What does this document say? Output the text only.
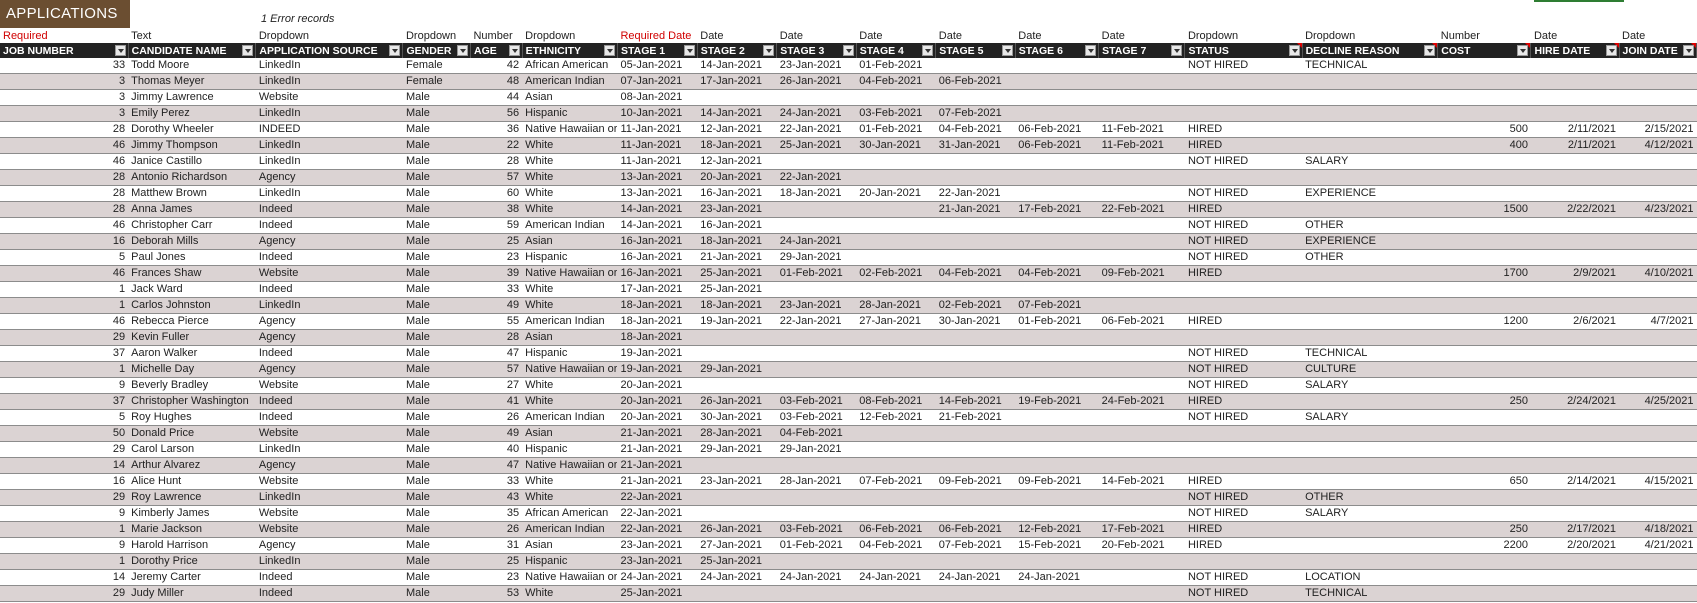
APPLICATIONS	1 Error records
Required	Text	Dropdown	Dropdown	Number	Dropdown	Required Date	Date	Date	Date	Date	Date	Date	Dropdown	Dropdown	Number	Date	Date
JOB NUMBER	CANDIDATE NAME	APPLICATION SOURCE	GENDER	AGE	ETHNICITY	STAGE 1	STAGE 2	STAGE 3	STAGE 4	STAGE 5	STAGE 6	STAGE 7	STATUS	DECLINE REASON	COST	HIRE DATE	JOIN DATE

33	Todd Moore	LinkedIn	Female	42	African American	05-Jan-2021	14-Jan-2021	23-Jan-2021	01-Feb-2021				NOT HIRED	TECHNICAL			
3	Thomas Meyer	LinkedIn	Female	48	American Indian	07-Jan-2021	17-Jan-2021	26-Jan-2021	04-Feb-2021	06-Feb-2021							
3	Jimmy Lawrence	Website	Male	44	Asian	08-Jan-2021											
3	Emily Perez	LinkedIn	Male	56	Hispanic	10-Jan-2021	14-Jan-2021	24-Jan-2021	03-Feb-2021	07-Feb-2021							
28	Dorothy Wheeler	INDEED	Male	36	Native Hawaiian or	11-Jan-2021	12-Jan-2021	22-Jan-2021	01-Feb-2021	04-Feb-2021	06-Feb-2021	11-Feb-2021	HIRED		500	2/11/2021	2/15/2021
46	Jimmy Thompson	LinkedIn	Male	22	White	11-Jan-2021	18-Jan-2021	25-Jan-2021	30-Jan-2021	31-Jan-2021	06-Feb-2021	11-Feb-2021	HIRED		400	2/11/2021	4/12/2021
46	Janice Castillo	LinkedIn	Male	28	White	11-Jan-2021	12-Jan-2021						NOT HIRED	SALARY			
28	Antonio Richardson	Agency	Male	57	White	13-Jan-2021	20-Jan-2021	22-Jan-2021									
28	Matthew Brown	LinkedIn	Male	60	White	13-Jan-2021	16-Jan-2021	18-Jan-2021	20-Jan-2021	22-Jan-2021			NOT HIRED	EXPERIENCE			
28	Anna James	Indeed	Male	38	White	14-Jan-2021	23-Jan-2021			21-Jan-2021	17-Feb-2021	22-Feb-2021	HIRED		1500	2/22/2021	4/23/2021
46	Christopher Carr	Indeed	Male	59	American Indian	14-Jan-2021	16-Jan-2021						NOT HIRED	OTHER			
16	Deborah Mills	Agency	Male	25	Asian	16-Jan-2021	18-Jan-2021	24-Jan-2021					NOT HIRED	EXPERIENCE			
5	Paul Jones	Indeed	Male	23	Hispanic	16-Jan-2021	21-Jan-2021	29-Jan-2021					NOT HIRED	OTHER			
46	Frances Shaw	Website	Male	39	Native Hawaiian or	16-Jan-2021	25-Jan-2021	01-Feb-2021	02-Feb-2021	04-Feb-2021	04-Feb-2021	09-Feb-2021	HIRED		1700	2/9/2021	4/10/2021
1	Jack Ward	Indeed	Male	33	White	17-Jan-2021	25-Jan-2021										
1	Carlos Johnston	LinkedIn	Male	49	White	18-Jan-2021	18-Jan-2021	23-Jan-2021	28-Jan-2021	02-Feb-2021	07-Feb-2021						
46	Rebecca Pierce	Agency	Male	55	American Indian	18-Jan-2021	19-Jan-2021	22-Jan-2021	27-Jan-2021	30-Jan-2021	01-Feb-2021	06-Feb-2021	HIRED		1200	2/6/2021	4/7/2021
29	Kevin Fuller	Agency	Male	28	Asian	18-Jan-2021											
37	Aaron Walker	Indeed	Male	47	Hispanic	19-Jan-2021							NOT HIRED	TECHNICAL			
1	Michelle Day	Agency	Male	57	Native Hawaiian or	19-Jan-2021	29-Jan-2021						NOT HIRED	CULTURE			
9	Beverly Bradley	Website	Male	27	White	20-Jan-2021							NOT HIRED	SALARY			
37	Christopher Washington	Indeed	Male	41	White	20-Jan-2021	26-Jan-2021	03-Feb-2021	08-Feb-2021	14-Feb-2021	19-Feb-2021	24-Feb-2021	HIRED		250	2/24/2021	4/25/2021
5	Roy Hughes	Indeed	Male	26	American Indian	20-Jan-2021	30-Jan-2021	03-Feb-2021	12-Feb-2021	21-Feb-2021			NOT HIRED	SALARY			
50	Donald Price	Website	Male	49	Asian	21-Jan-2021	28-Jan-2021	04-Feb-2021									
29	Carol Larson	LinkedIn	Male	40	Hispanic	21-Jan-2021	29-Jan-2021	29-Jan-2021									
14	Arthur Alvarez	Agency	Male	47	Native Hawaiian or	21-Jan-2021											
16	Alice Hunt	Website	Male	33	White	21-Jan-2021	23-Jan-2021	28-Jan-2021	07-Feb-2021	09-Feb-2021	09-Feb-2021	14-Feb-2021	HIRED		650	2/14/2021	4/15/2021
29	Roy Lawrence	LinkedIn	Male	43	White	22-Jan-2021							NOT HIRED	OTHER			
9	Kimberly James	Website	Male	35	African American	22-Jan-2021							NOT HIRED	SALARY			
1	Marie Jackson	Website	Male	26	American Indian	22-Jan-2021	26-Jan-2021	03-Feb-2021	06-Feb-2021	06-Feb-2021	12-Feb-2021	17-Feb-2021	HIRED		250	2/17/2021	4/18/2021
9	Harold Harrison	Agency	Male	31	Asian	23-Jan-2021	27-Jan-2021	01-Feb-2021	04-Feb-2021	07-Feb-2021	15-Feb-2021	20-Feb-2021	HIRED		2200	2/20/2021	4/21/2021
1	Dorothy Price	LinkedIn	Male	25	Hispanic	23-Jan-2021	25-Jan-2021										
14	Jeremy Carter	Indeed	Male	23	Native Hawaiian or	24-Jan-2021	24-Jan-2021	24-Jan-2021	24-Jan-2021	24-Jan-2021	24-Jan-2021		NOT HIRED	LOCATION			
29	Judy Miller	Indeed	Male	53	White	25-Jan-2021							NOT HIRED	TECHNICAL			
